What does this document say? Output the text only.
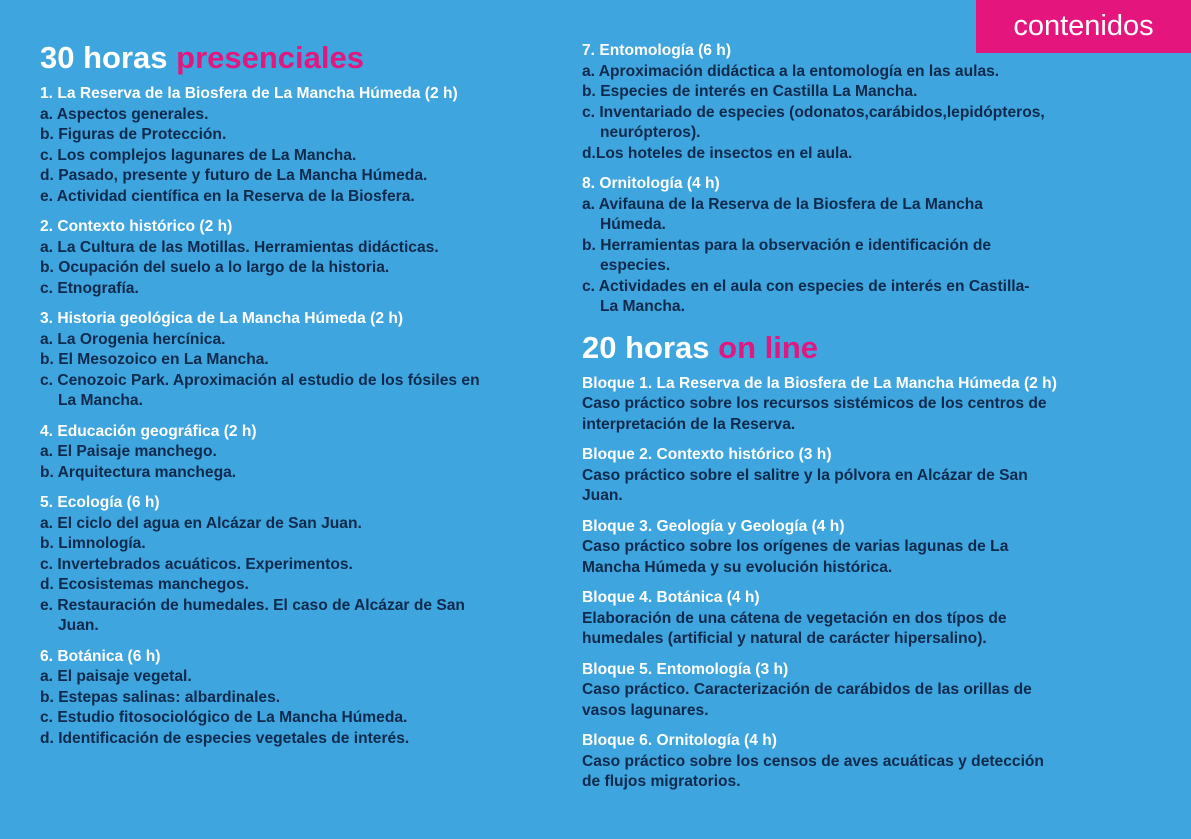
contenidos
30 horas presenciales
1. La Reserva de la Biosfera de La Mancha Húmeda (2 h)
a. Aspectos generales.
b. Figuras de Protección.
c. Los complejos lagunares de La Mancha.
d. Pasado, presente y futuro de La Mancha Húmeda.
e. Actividad científica en la Reserva de la Biosfera.
2. Contexto histórico (2 h)
a. La Cultura de las Motillas. Herramientas didácticas.
b. Ocupación del suelo a lo largo de la historia.
c. Etnografía.
3. Historia geológica de La Mancha Húmeda (2 h)
a. La Orogenia hercínica.
b. El Mesozoico en La Mancha.
c. Cenozoic Park. Aproximación al estudio de los fósiles en
La Mancha.
4. Educación geográfica (2 h)
a. El Paisaje manchego.
b. Arquitectura manchega.
5. Ecología (6 h)
a. El ciclo del agua en Alcázar de San Juan.
b. Limnología.
c. Invertebrados acuáticos. Experimentos.
d. Ecosistemas manchegos.
e. Restauración de humedales. El caso de Alcázar de San
Juan.
6. Botánica (6 h)
a. El paisaje vegetal.
b. Estepas salinas: albardinales.
c. Estudio fitosociológico de La Mancha Húmeda.
d. Identificación de especies vegetales de interés.
7. Entomología (6 h)
a. Aproximación didáctica a la entomología en las aulas.
b. Especies de interés en Castilla La Mancha.
c. Inventariado de especies (odonatos,carábidos,lepidópteros,
neurópteros).
d.Los hoteles de insectos en el aula.
8. Ornitología (4 h)
a. Avifauna de la Reserva de la Biosfera de La Mancha
Húmeda.
b. Herramientas para la observación e identificación de
especies.
c. Actividades en el aula con especies de interés en Castilla-
La Mancha.
20 horas on line
Bloque 1. La Reserva de la Biosfera de La Mancha Húmeda (2 h)
Caso práctico sobre los recursos sistémicos de los centros de
interpretación de la Reserva.
Bloque 2. Contexto histórico (3 h)
Caso práctico sobre el salitre y la pólvora en Alcázar de San
Juan.
Bloque 3. Geología y Geología (4 h)
Caso práctico sobre los orígenes de varias lagunas de La
Mancha Húmeda y su evolución histórica.
Bloque 4. Botánica (4 h)
Elaboración de una cátena de vegetación en dos típos de
humedales (artificial y natural de carácter hipersalino).
Bloque 5. Entomología (3 h)
Caso práctico. Caracterización de carábidos de las orillas de
vasos lagunares.
Bloque 6. Ornitología (4 h)
Caso práctico sobre los censos de aves acuáticas y detección
de flujos migratorios.
